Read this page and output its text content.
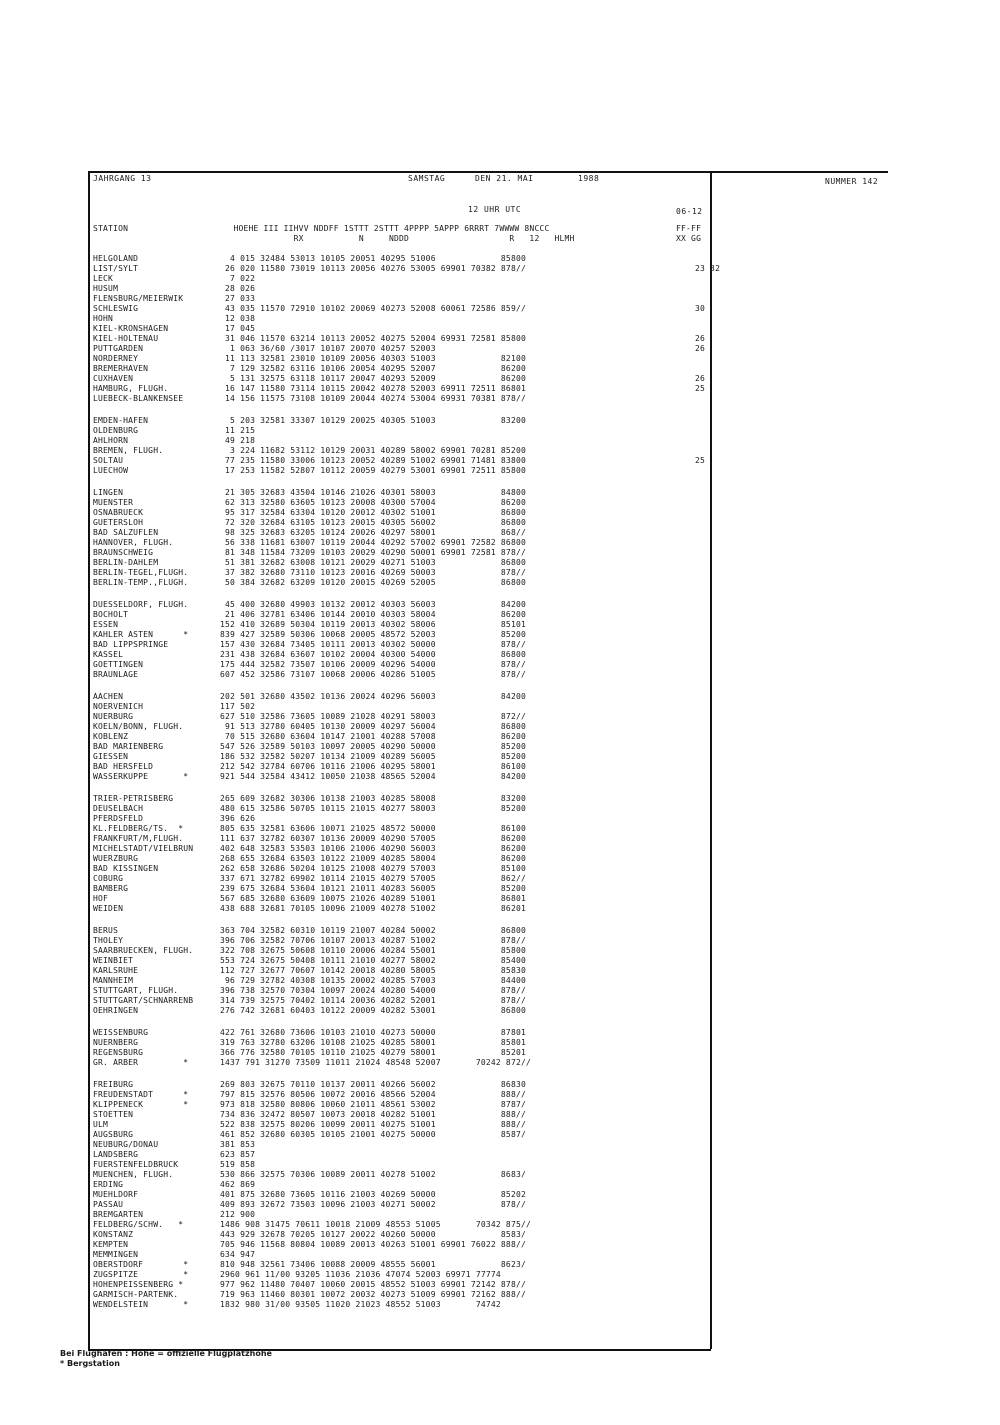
JAHRGANG 13	SAMSTAG	DEN 21. MAI	1988	NUMMER 142
12 UHR UTC	06-12
STATION                     HOEHE III IIHVV NDDFF 1STTT 2STTT 4PPPP 5APPP 6RRRT 7WWWW 8NCCC
RX           N     NDDD                    R   12   HLMH
FF-FF
XX GG
HELGOLAND	4 015 32484 53013 10105 20051 40295 51006             85800
LIST/SYLT	26 020 11580 73019 10113 20056 40276 53005 69901 70382 878//	23 32
LECK	7 022
HUSUM	28 026
FLENSBURG/MEIERWIK	27 033
SCHLESWIG	43 035 11570 72910 10102 20069 40273 52008 60061 72586 859//	30
HOHN	12 038
KIEL-KRONSHAGEN	17 045
KIEL-HOLTENAU	31 046 11570 63214 10113 20052 40275 52004 69931 72581 85800	26
PUTTGARDEN	1 063 36/60 /3017 10107 20070 40257 52003	26
NORDERNEY	11 113 32581 23010 10109 20056 40303 51003             82100
BREMERHAVEN	7 129 32582 63116 10106 20054 40295 52007             86200
CUXHAVEN	5 131 32575 63118 10117 20047 40293 52009             86200	26
HAMBURG, FLUGH.	16 147 11580 73114 10115 20042 40278 52003 69911 72511 86801	25
LUEBECK-BLANKENSEE	14 156 11575 73108 10109 20044 40274 53004 69931 70381 878//
EMDEN-HAFEN	5 203 32581 33307 10129 20025 40305 51003             83200
OLDENBURG	11 215
AHLHORN	49 218
BREMEN, FLUGH.	3 224 11682 53112 10129 20031 40289 58002 69901 70281 85200
SOLTAU	77 235 11580 33006 10123 20052 40289 51002 69901 71481 83800	25
LUECHOW	17 253 11582 52807 10112 20059 40279 53001 69901 72511 85800
LINGEN	21 305 32683 43504 10146 21026 40301 58003             84800
MUENSTER	62 313 32580 63605 10123 20008 40300 57004             86200
OSNABRUECK	95 317 32584 63304 10120 20012 40302 51001             86800
GUETERSLOH	72 320 32684 63105 10123 20015 40305 56002             86800
BAD SALZUFLEN	98 325 32683 63205 10124 20026 40297 58001             868//
HANNOVER, FLUGH.	56 338 11681 63007 10119 20044 40292 57002 69901 72582 86800
BRAUNSCHWEIG	81 348 11584 73209 10103 20029 40290 50001 69901 72581 878//
BERLIN-DAHLEM	51 381 32682 63008 10121 20029 40271 51003             86800
BERLIN-TEGEL,FLUGH.	37 382 32680 73110 10123 20016 40269 50003             878//
BERLIN-TEMP.,FLUGH.	50 384 32682 63209 10120 20015 40269 52005             86800
DUESSELDORF, FLUGH.	45 400 32680 49903 10132 20012 40303 56003             84200
BOCHOLT	21 406 32781 63406 10144 20010 40303 58004             86200
ESSEN	152 410 32689 50304 10119 20013 40302 58006             85101
KAHLER ASTEN      *	839 427 32589 50306 10068 20005 48572 52003             85200
BAD LIPPSPRINGE	157 430 32684 73405 10111 20013 40302 50000             878//
KASSEL	231 438 32684 63607 10102 20004 40300 54000             86800
GOETTINGEN	175 444 32582 73507 10106 20009 40296 54000             878//
BRAUNLAGE	607 452 32586 73107 10068 20006 40286 51005             878//
AACHEN	202 501 32680 43502 10136 20024 40296 56003             84200
NOERVENICH	117 502
NUERBURG	627 510 32586 73605 10089 21028 40291 58003             872//
KOELN/BONN, FLUGH.	91 513 32780 60405 10130 20009 40297 56004             86800
KOBLENZ	70 515 32680 63604 10147 21001 40288 57008             86200
BAD MARIENBERG	547 526 32589 50103 10097 20005 40290 50000             85200
GIESSEN	186 532 32582 50207 10134 21009 40289 56005             85200
BAD HERSFELD	212 542 32784 60706 10116 21006 40295 58001             86100
WASSERKUPPE       *	921 544 32584 43412 10050 21038 48565 52004             84200
TRIER-PETRISBERG	265 609 32682 30306 10138 21003 40285 58008             83200
DEUSELBACH	480 615 32586 50705 10115 21015 40277 58003             85200
PFERDSFELD	396 626
KL.FELDBERG/TS.  *	805 635 32581 63606 10071 21025 48572 50000             86100
FRANKFURT/M,FLUGH.	111 637 32782 60307 10136 20009 40290 57005             86200
MICHELSTADT/VIELBRUN	402 648 32583 53503 10106 21006 40290 56003             86200
WUERZBURG	268 655 32684 63503 10122 21009 40285 58004             86200
BAD KISSINGEN	262 658 32686 50204 10125 21008 40279 57003             85100
COBURG	337 671 32782 69902 10114 21015 40279 57005             862//
BAMBERG	239 675 32684 53604 10121 21011 40283 56005             85200
HOF	567 685 32680 63609 10075 21026 40289 51001             86801
WEIDEN	438 688 32681 70105 10096 21009 40278 51002             86201
BERUS	363 704 32582 60310 10119 21007 40284 50002             86800
THOLEY	396 706 32582 70706 10107 20013 40287 51002             878//
SAARBRUECKEN, FLUGH.	322 708 32675 50608 10110 20006 40284 55001             85800
WEINBIET	553 724 32675 50408 10111 21010 40277 58002             85400
KARLSRUHE	112 727 32677 70607 10142 20018 40280 58005             85830
MANNHEIM	96 729 32782 40308 10135 20002 40285 57003             84400
STUTTGART, FLUGH.	396 738 32570 70304 10097 20024 40280 54000             878//
STUTTGART/SCHNARRENB	314 739 32575 70402 10114 20036 40282 52001             878//
OEHRINGEN	276 742 32681 60403 10122 20009 40282 53001             86800
WEISSENBURG	422 761 32680 73606 10103 21010 40273 50000             87801
NUERNBERG	319 763 32780 63206 10108 21025 40285 58001             85801
REGENSBURG	366 776 32580 70105 10110 21025 40279 58001             85201
GR. ARBER         *	1437 791 31270 73509 11011 21024 48548 52007       70242 872//
FREIBURG	269 803 32675 70110 10137 20011 40266 56002             86830
FREUDENSTADT      *	797 815 32576 80506 10072 20016 48566 52004             888//
KLIPPENECK        *	973 818 32580 80806 10060 21011 48561 53002             8787/
STOETTEN	734 836 32472 80507 10073 20018 40282 51001             888//
ULM	522 838 32575 80206 10099 20011 40275 51001             888//
AUGSBURG	461 852 32680 60305 10105 21001 40275 50000             8587/
NEUBURG/DONAU	381 853
LANDSBERG	623 857
FUERSTENFELDBRUCK	519 858
MUENCHEN, FLUGH.	530 866 32575 70306 10089 20011 40278 51002             8683/
ERDING	462 869
MUEHLDORF	401 875 32680 73605 10116 21003 40269 50000             85202
PASSAU	409 893 32672 73503 10096 21003 40271 50002             878//
BREMGARTEN	212 900
FELDBERG/SCHW.   *	1486 908 31475 70611 10018 21009 48553 51005       70342 875//
KONSTANZ	443 929 32678 70205 10127 20022 40260 50000             8583/
KEMPTEN	705 946 11568 80804 10089 20013 40263 51001 69901 76022 888//
MEMMINGEN	634 947
OBERSTDORF        *	810 948 32561 73406 10088 20009 48555 56001             8623/
ZUGSPITZE         *	2960 961 11/00 93205 11036 21036 47074 52003 69971 77774
HOHENPEISSENBERG *	977 962 11480 70407 10060 20015 48552 51003 69901 72142 878//
GARMISCH-PARTENK.	719 963 11460 80301 10072 20032 40273 51009 69901 72162 888//
WENDELSTEIN       *	1832 980 31/00 93505 11020 21023 48552 51003       74742
Bei Flughäfen : Höhe = offizielle Flugplatzhöhe
* Bergstation
